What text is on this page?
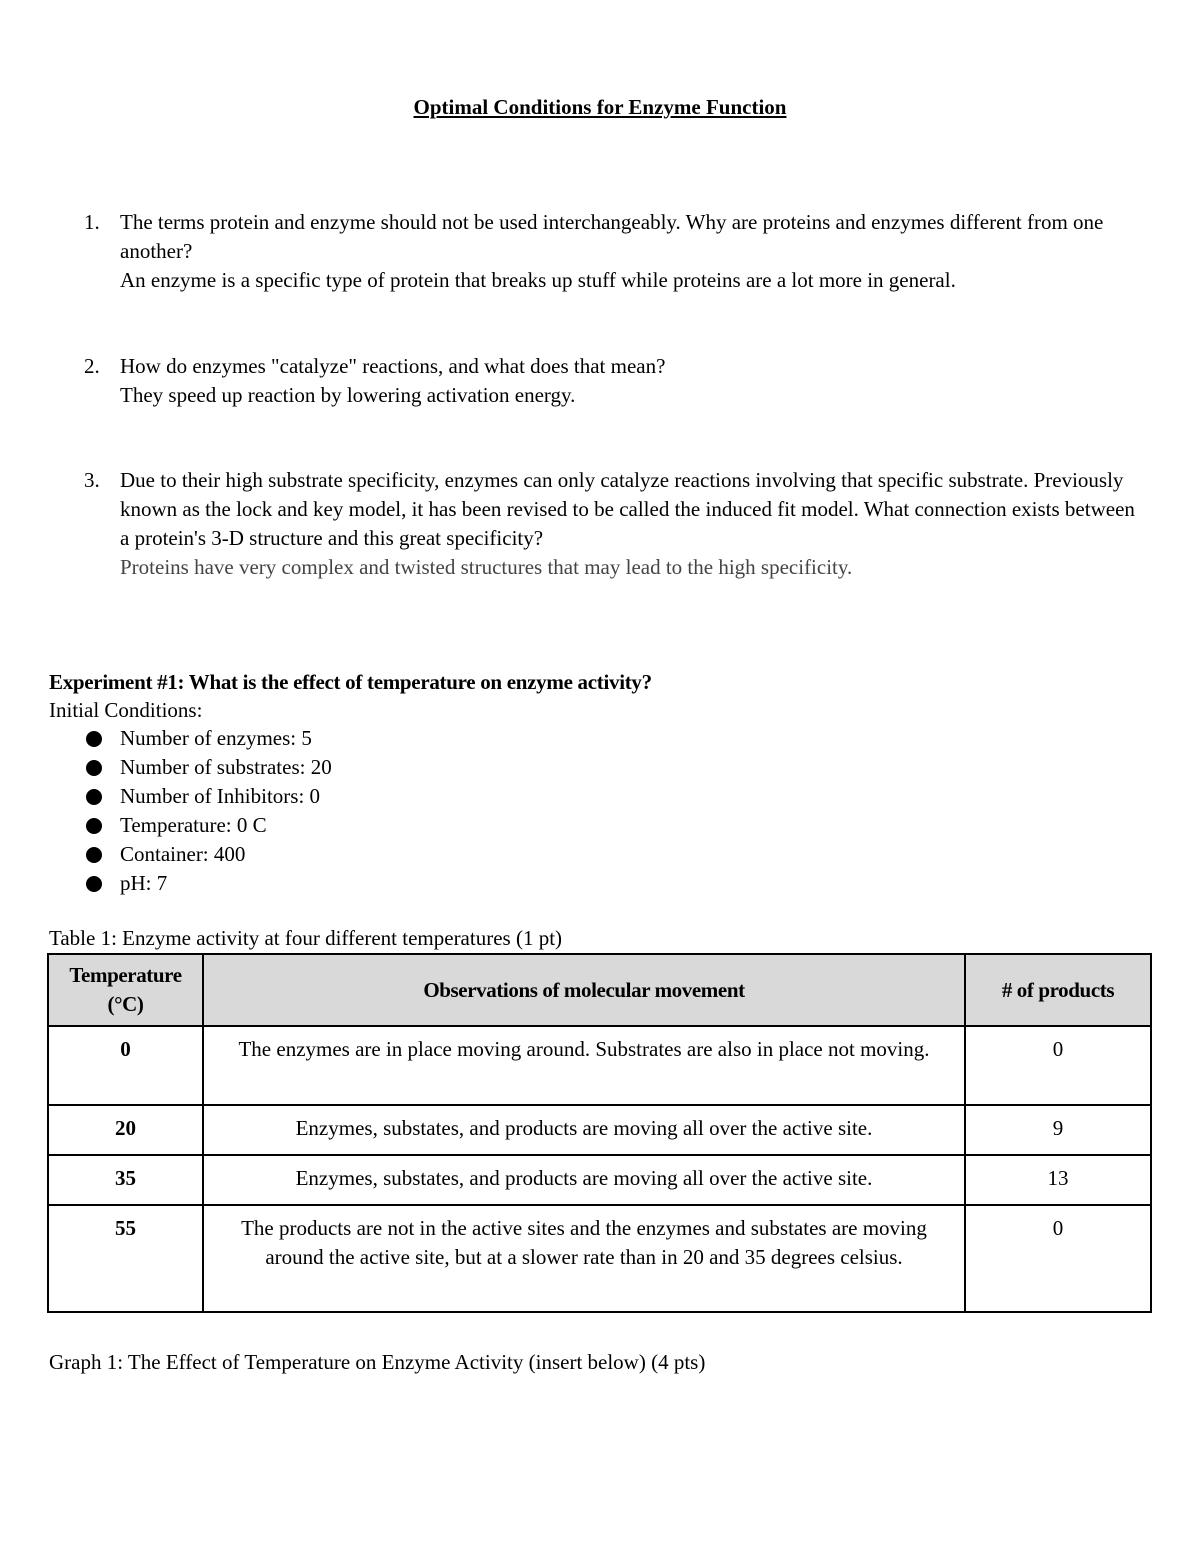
Optimal Conditions for Enzyme Function
1. The terms protein and enzyme should not be used interchangeably. Why are proteins and enzymes different from one another?
An enzyme is a specific type of protein that breaks up stuff while proteins are a lot more in general.
2. How do enzymes "catalyze" reactions, and what does that mean?
They speed up reaction by lowering activation energy.
3. Due to their high substrate specificity, enzymes can only catalyze reactions involving that specific substrate. Previously known as the lock and key model, it has been revised to be called the induced fit model. What connection exists between a protein's 3-D structure and this great specificity?
Proteins have very complex and twisted structures that may lead to the high specificity.
Experiment #1: What is the effect of temperature on enzyme activity?
Initial Conditions:
Number of enzymes: 5
Number of substrates: 20
Number of Inhibitors: 0
Temperature: 0 C
Container: 400
pH: 7
Table 1: Enzyme activity at four different temperatures (1 pt)
Temperature (°C)	Observations of molecular movement	# of products
0	The enzymes are in place moving around. Substrates are also in place not moving.	0
20	Enzymes, substates, and products are moving all over the active site.	9
35	Enzymes, substates, and products are moving all over the active site.	13
55	The products are not in the active sites and the enzymes and substates are moving around the active site, but at a slower rate than in 20 and 35 degrees celsius.	0
Graph 1: The Effect of Temperature on Enzyme Activity (insert below) (4 pts)
